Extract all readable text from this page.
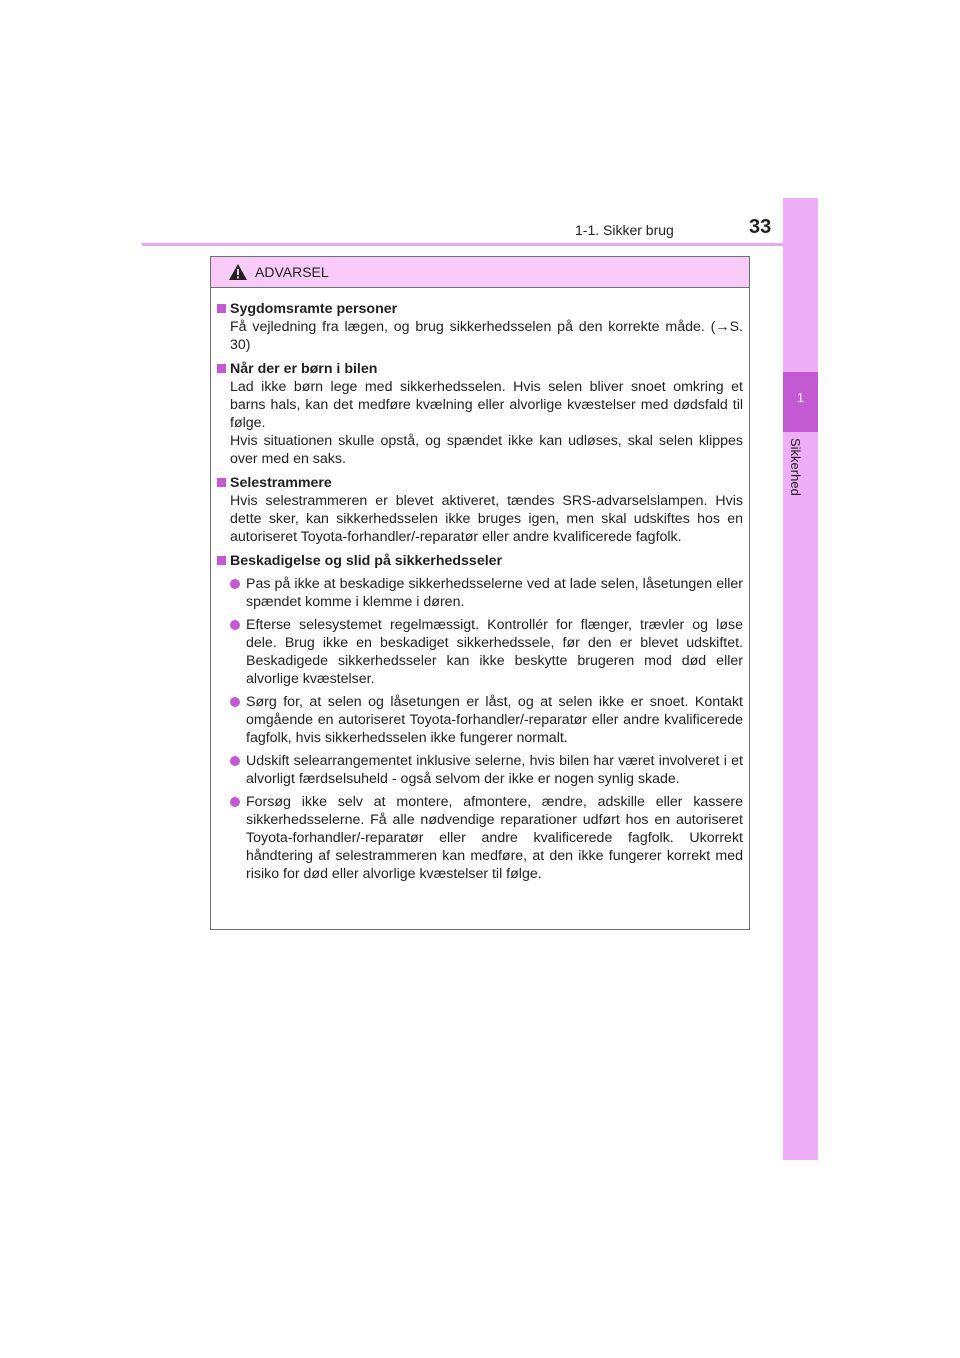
1-1. Sikker brug	33
1
Sikkerhed
ADVARSEL
Sygdomsramte personer
Få vejledning fra lægen, og brug sikkerhedsselen på den korrekte måde. (→S. 30)
Når der er børn i bilen
Lad ikke børn lege med sikkerhedsselen. Hvis selen bliver snoet omkring et barns hals, kan det medføre kvælning eller alvorlige kvæstelser med dødsfald til følge.
Hvis situationen skulle opstå, og spændet ikke kan udløses, skal selen klippes over med en saks.
Selestrammere
Hvis selestrammeren er blevet aktiveret, tændes SRS-advarselslampen. Hvis dette sker, kan sikkerhedsselen ikke bruges igen, men skal udskiftes hos en autoriseret Toyota-forhandler/-reparatør eller andre kvalificerede fagfolk.
Beskadigelse og slid på sikkerhedsseler
Pas på ikke at beskadige sikkerhedsselerne ved at lade selen, låsetungen eller spændet komme i klemme i døren.
Efterse selesystemet regelmæssigt. Kontrollér for flænger, trævler og løse dele. Brug ikke en beskadiget sikkerhedssele, før den er blevet udskiftet. Beskadigede sikkerhedsseler kan ikke beskytte brugeren mod død eller alvorlige kvæstelser.
Sørg for, at selen og låsetungen er låst, og at selen ikke er snoet. Kontakt omgående en autoriseret Toyota-forhandler/-reparatør eller andre kvalificerede fagfolk, hvis sikkerhedsselen ikke fungerer normalt.
Udskift selearrangementet inklusive selerne, hvis bilen har været involveret i et alvorligt færdselsuheld - også selvom der ikke er nogen synlig skade.
Forsøg ikke selv at montere, afmontere, ændre, adskille eller kassere sikkerhedsselerne. Få alle nødvendige reparationer udført hos en autoriseret Toyota-forhandler/-reparatør eller andre kvalificerede fagfolk. Ukorrekt håndtering af selestrammeren kan medføre, at den ikke fungerer korrekt med risiko for død eller alvorlige kvæstelser til følge.
